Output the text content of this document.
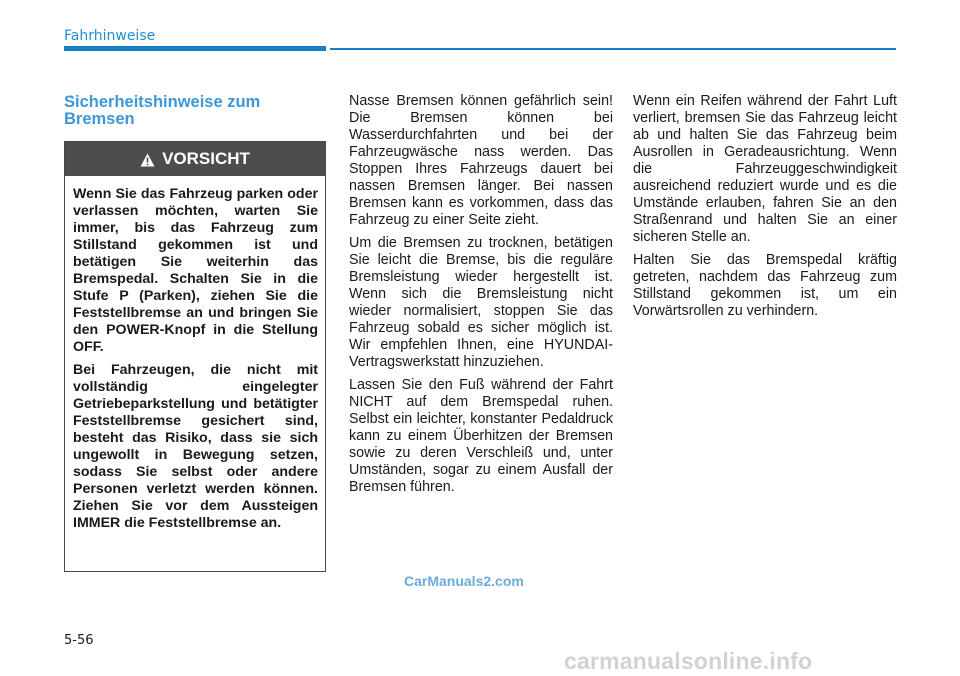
Fahrhinweise
Sicherheitshinweise zum Bremsen
VORSICHT

Wenn Sie das Fahrzeug parken oder verlassen möchten, warten Sie immer, bis das Fahrzeug zum Stillstand gekommen ist und betätigen Sie weiterhin das Bremspedal. Schalten Sie in die Stufe P (Parken), ziehen Sie die Feststellbremse an und bringen Sie den POWER-Knopf in die Stellung OFF.

Bei Fahrzeugen, die nicht mit vollständig eingelegter Getriebeparkstellung und betätigter Feststellbremse gesichert sind, besteht das Risiko, dass sie sich ungewollt in Bewegung setzen, sodass Sie selbst oder andere Personen verletzt werden können. Ziehen Sie vor dem Aussteigen IMMER die Feststellbremse an.

Nasse Bremsen können gefährlich sein! Die Bremsen können bei Wasserdurchfahrten und bei der Fahrzeugwäsche nass werden. Das Stoppen Ihres Fahrzeugs dauert bei nassen Bremsen länger. Bei nassen Bremsen kann es vorkommen, dass das Fahrzeug zu einer Seite zieht.

Um die Bremsen zu trocknen, betätigen Sie leicht die Bremse, bis die reguläre Bremsleistung wieder hergestellt ist. Wenn sich die Bremsleistung nicht wieder normalisiert, stoppen Sie das Fahrzeug sobald es sicher möglich ist. Wir empfehlen Ihnen, eine HYUNDAI-Vertragswerkstatt hinzuziehen.

Lassen Sie den Fuß während der Fahrt NICHT auf dem Bremspedal ruhen. Selbst ein leichter, konstanter Pedaldruck kann zu einem Überhitzen der Bremsen sowie zu deren Verschleiß und, unter Umständen, sogar zu einem Ausfall der Bremsen führen.

Wenn ein Reifen während der Fahrt Luft verliert, bremsen Sie das Fahrzeug leicht ab und halten Sie das Fahrzeug beim Ausrollen in Geradeausrichtung. Wenn die Fahrzeuggeschwindigkeit ausreichend reduziert wurde und es die Umstände erlauben, fahren Sie an den Straßenrand und halten Sie an einer sicheren Stelle an.

Halten Sie das Bremspedal kräftig getreten, nachdem das Fahrzeug zum Stillstand gekommen ist, um ein Vorwärtsrollen zu verhindern.

CarManuals2.com
5-56
carmanualsonline.info
